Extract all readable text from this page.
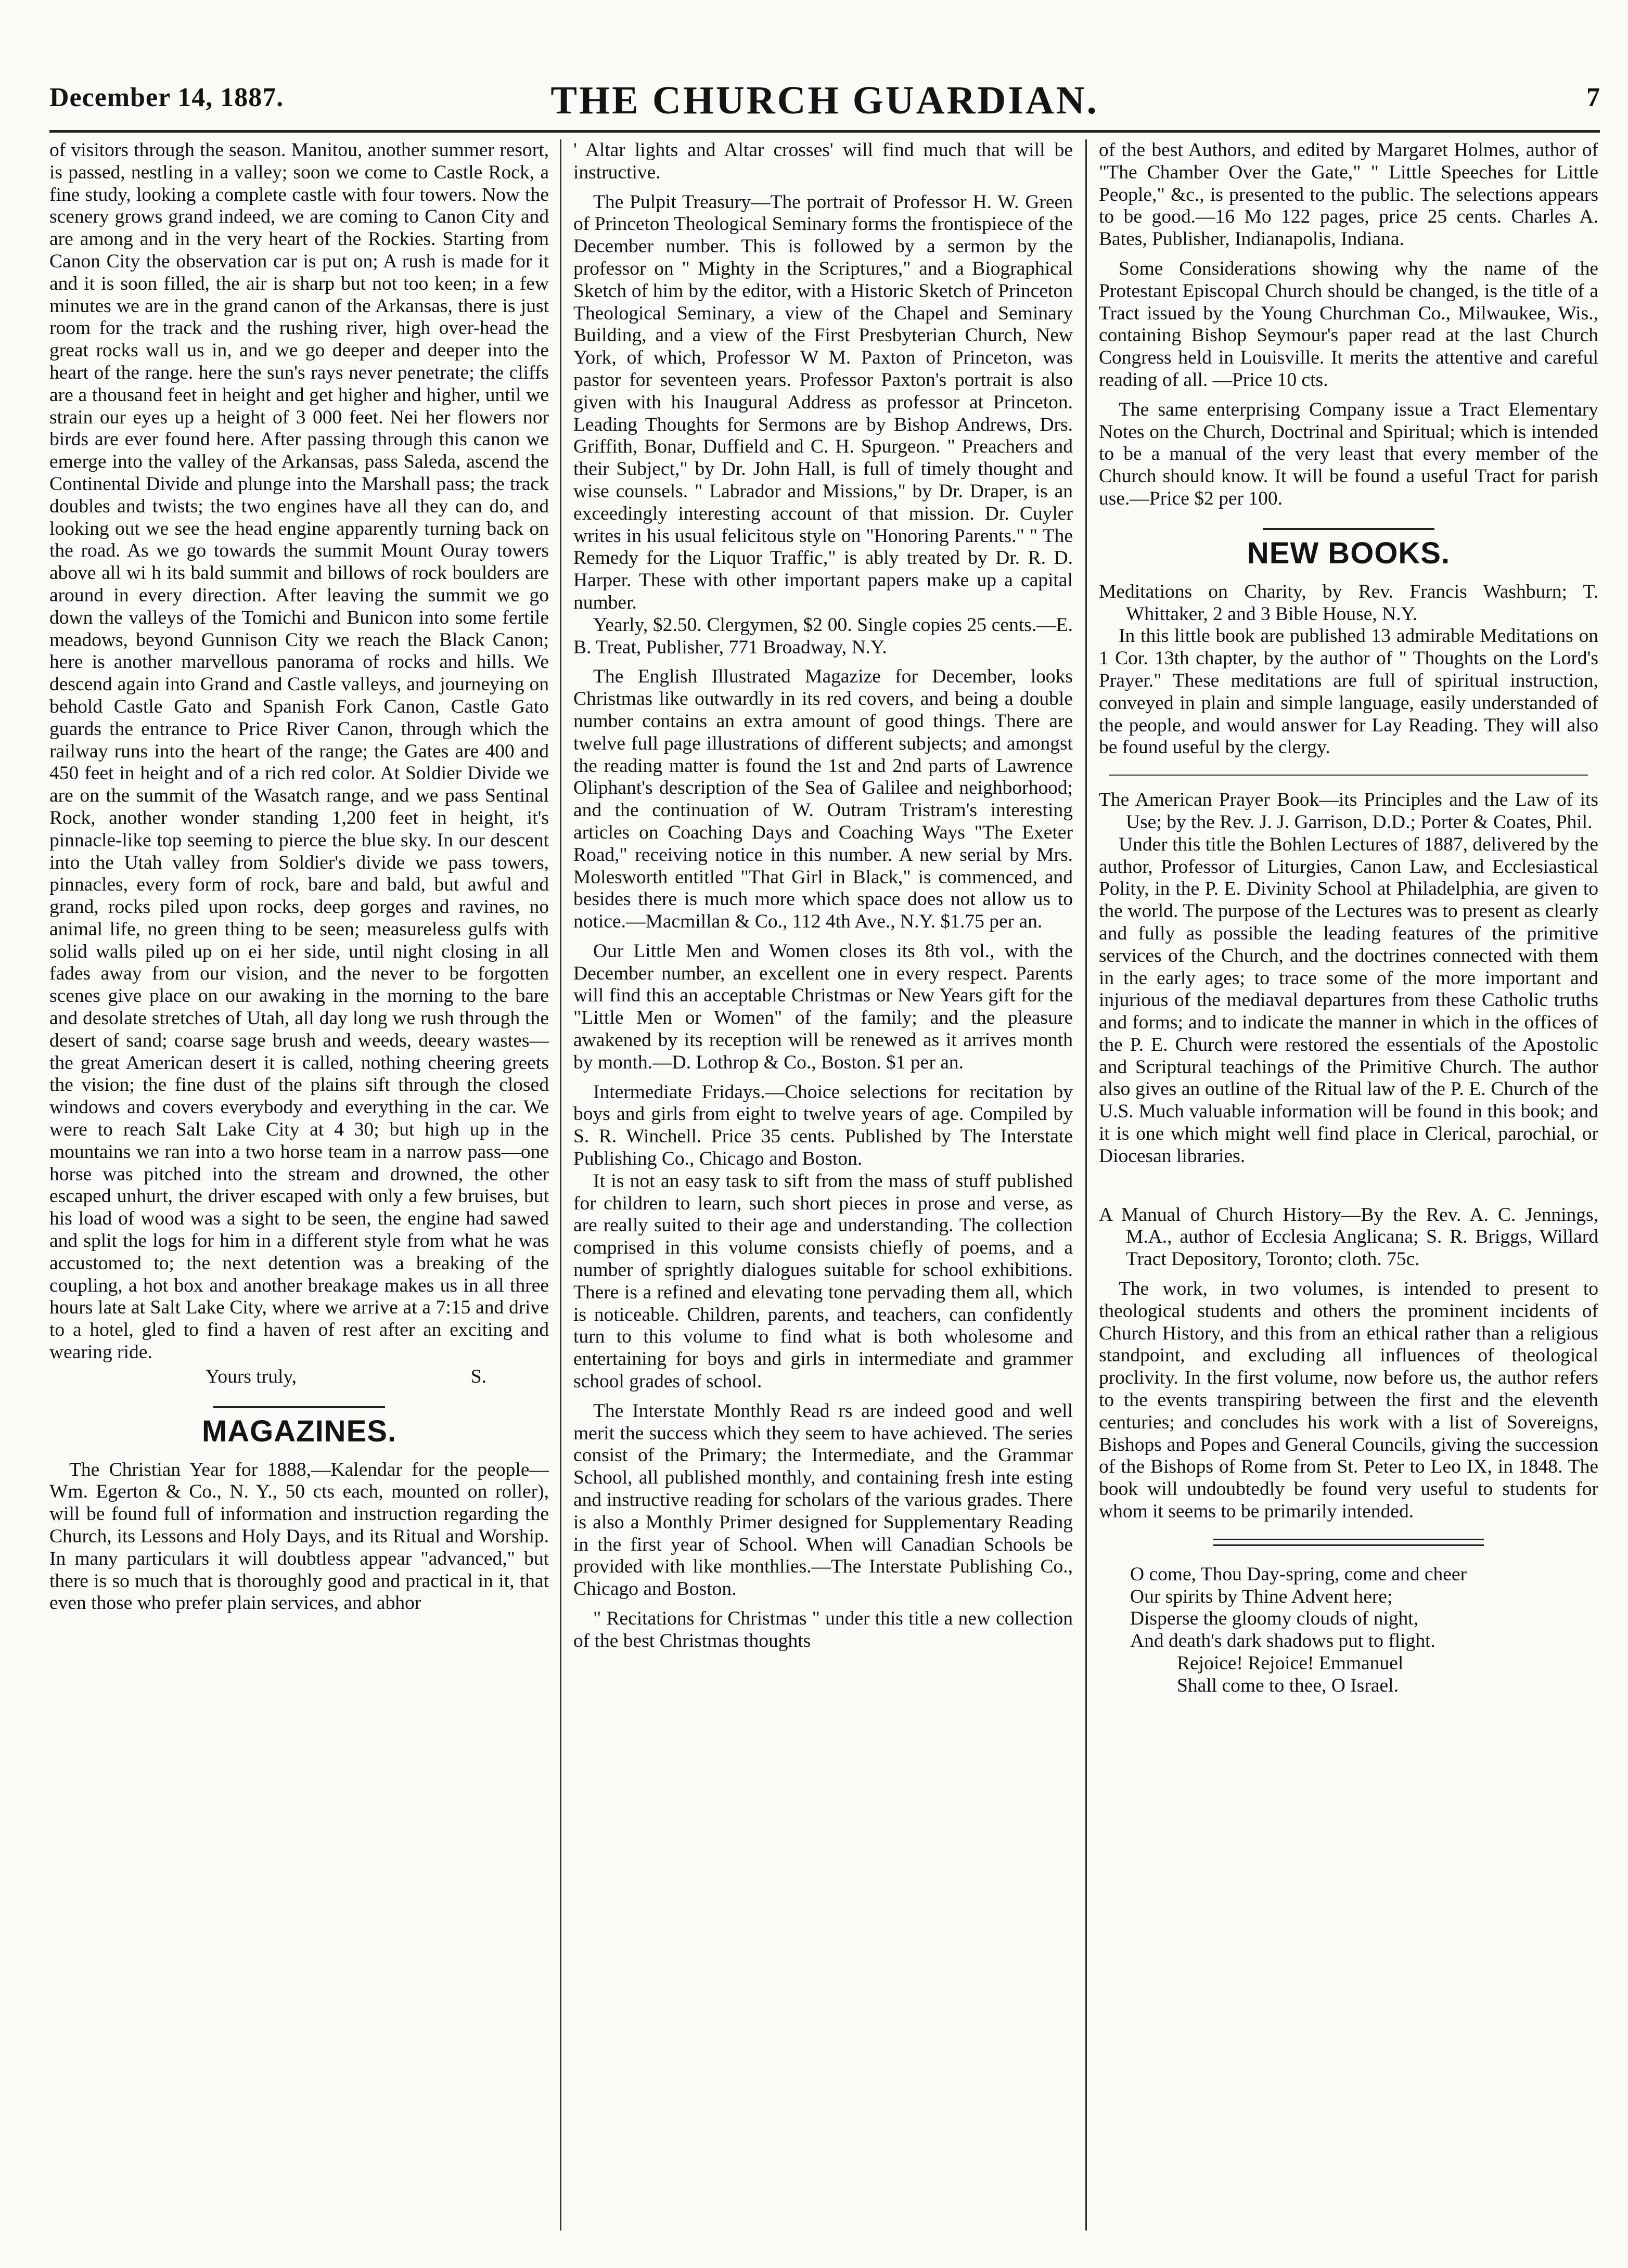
December 14, 1887.	THE CHURCH GUARDIAN.	7

of visitors through the season. Manitou, another summer resort, is passed, nestling in a valley; soon we come to Castle Rock, a fine study, looking a complete castle with four towers. Now the scenery grows grand indeed, we are coming to Canon City and are among and in the very heart of the Rockies. Starting from Canon City the observation car is put on; A rush is made for it and it is soon filled, the air is sharp but not too keen; in a few minutes we are in the grand canon of the Arkansas, there is just room for the track and the rushing river, high over-head the great rocks wall us in, and we go deeper and deeper into the heart of the range. here the sun's rays never penetrate; the cliffs are a thousand feet in height and get higher and higher, until we strain our eyes up a height of 3 000 feet. Nei her flowers nor birds are ever found here. After passing through this canon we emerge into the valley of the Arkansas, pass Saleda, ascend the Continental Divide and plunge into the Marshall pass; the track doubles and twists; the two engines have all they can do, and looking out we see the head engine apparently turning back on the road. As we go towards the summit Mount Ouray towers above all wi h its bald summit and billows of rock boulders are around in every direction. After leaving the summit we go down the valleys of the Tomichi and Bunicon into some fertile meadows, beyond Gunnison City we reach the Black Canon; here is another marvellous panorama of rocks and hills. We descend again into Grand and Castle valleys, and journeying on behold Castle Gato and Spanish Fork Canon, Castle Gato guards the entrance to Price River Canon, through which the railway runs into the heart of the range; the Gates are 400 and 450 feet in height and of a rich red color. At Soldier Divide we are on the summit of the Wasatch range, and we pass Sentinal Rock, another wonder standing 1,200 feet in height, it's pinnacle-like top seeming to pierce the blue sky. In our descent into the Utah valley from Soldier's divide we pass towers, pinnacles, every form of rock, bare and bald, but awful and grand, rocks piled upon rocks, deep gorges and ravines, no animal life, no green thing to be seen; measureless gulfs with solid walls piled up on ei her side, until night closing in all fades away from our vision, and the never to be forgotten scenes give place on our awaking in the morning to the bare and desolate stretches of Utah, all day long we rush through the desert of sand; coarse sage brush and weeds, deeary wastes—the great American desert it is called, nothing cheering greets the vision; the fine dust of the plains sift through the closed windows and covers everybody and everything in the car. We were to reach Salt Lake City at 4 30; but high up in the mountains we ran into a two horse team in a narrow pass—one horse was pitched into the stream and drowned, the other escaped unhurt, the driver escaped with only a few bruises, but his load of wood was a sight to be seen, the engine had sawed and split the logs for him in a different style from what he was accustomed to; the next detention was a breaking of the coupling, a hot box and another breakage makes us in all three hours late at Salt Lake City, where we arrive at a 7:15 and drive to a hotel, gled to find a haven of rest after an exciting and wearing ride.

Yours truly,	S.
MAGAZINES.

The Christian Year for 1888,—Kalendar for the people— Wm. Egerton & Co., N. Y., 50 cts each, mounted on roller), will be found full of information and instruction regarding the Church, its Lessons and Holy Days, and its Ritual and Worship. In many particulars it will doubtless appear "advanced," but there is so much that is thoroughly good and practical in it, that even those who prefer plain services, and abhor

' Altar lights and Altar crosses' will find much that will be instructive.

The Pulpit Treasury—The portrait of Professor H. W. Green of Princeton Theological Seminary forms the frontispiece of the December number. This is followed by a sermon by the professor on " Mighty in the Scriptures," and a Biographical Sketch of him by the editor, with a Historic Sketch of Princeton Theological Seminary, a view of the Chapel and Seminary Building, and a view of the First Presbyterian Church, New York, of which, Professor W M. Paxton of Princeton, was pastor for seventeen years. Professor Paxton's portrait is also given with his Inaugural Address as professor at Princeton. Leading Thoughts for Sermons are by Bishop Andrews, Drs. Griffith, Bonar, Duffield and C. H. Spurgeon. " Preachers and their Subject," by Dr. John Hall, is full of timely thought and wise counsels. " Labrador and Missions," by Dr. Draper, is an exceedingly interesting account of that mission. Dr. Cuyler writes in his usual felicitous style on "Honoring Parents." " The Remedy for the Liquor Traffic," is ably treated by Dr. R. D. Harper. These with other important papers make up a capital number.

Yearly, $2.50. Clergymen, $2 00. Single copies 25 cents.—E. B. Treat, Publisher, 771 Broadway, N.Y.

The English Illustrated Magazize for December, looks Christmas like outwardly in its red covers, and being a double number contains an extra amount of good things. There are twelve full page illustrations of different subjects; and amongst the reading matter is found the 1st and 2nd parts of Lawrence Oliphant's description of the Sea of Galilee and neighborhood; and the continuation of W. Outram Tristram's interesting articles on Coaching Days and Coaching Ways "The Exeter Road," receiving notice in this number. A new serial by Mrs. Molesworth entitled "That Girl in Black," is commenced, and besides there is much more which space does not allow us to notice.—Macmillan & Co., 112 4th Ave., N.Y. $1.75 per an.

Our Little Men and Women closes its 8th vol., with the December number, an excellent one in every respect. Parents will find this an acceptable Christmas or New Years gift for the "Little Men or Women" of the family; and the pleasure awakened by its reception will be renewed as it arrives month by month.—D. Lothrop & Co., Boston. $1 per an.

Intermediate Fridays.—Choice selections for recitation by boys and girls from eight to twelve years of age. Compiled by S. R. Winchell. Price 35 cents. Published by The Interstate Publishing Co., Chicago and Boston.

It is not an easy task to sift from the mass of stuff published for children to learn, such short pieces in prose and verse, as are really suited to their age and understanding. The collection comprised in this volume consists chiefly of poems, and a number of sprightly dialogues suitable for school exhibitions. There is a refined and elevating tone pervading them all, which is noticeable. Children, parents, and teachers, can confidently turn to this volume to find what is both wholesome and entertaining for boys and girls in intermediate and grammer school grades of school.

The Interstate Monthly Read rs are indeed good and well merit the success which they seem to have achieved. The series consist of the Primary; the Intermediate, and the Grammar School, all published monthly, and containing fresh inte esting and instructive reading for scholars of the various grades. There is also a Monthly Primer designed for Supplementary Reading in the first year of School. When will Canadian Schools be provided with like monthlies.—The Interstate Publishing Co., Chicago and Boston.

" Recitations for Christmas " under this title a new collection of the best Christmas thoughts

of the best Authors, and edited by Margaret Holmes, author of "The Chamber Over the Gate," " Little Speeches for Little People," &c., is presented to the public. The selections appears to be good.—16 Mo 122 pages, price 25 cents. Charles A. Bates, Publisher, Indianapolis, Indiana.

Some Considerations showing why the name of the Protestant Episcopal Church should be changed, is the title of a Tract issued by the Young Churchman Co., Milwaukee, Wis., containing Bishop Seymour's paper read at the last Church Congress held in Louisville. It merits the attentive and careful reading of all. —Price 10 cts.

The same enterprising Company issue a Tract Elementary Notes on the Church, Doctrinal and Spiritual; which is intended to be a manual of the very least that every member of the Church should know. It will be found a useful Tract for parish use.—Price $2 per 100.

NEW BOOKS.

Meditations on Charity, by Rev. Francis Washburn; T. Whittaker, 2 and 3 Bible House, N.Y.

In this little book are published 13 admirable Meditations on 1 Cor. 13th chapter, by the author of " Thoughts on the Lord's Prayer." These meditations are full of spiritual instruction, conveyed in plain and simple language, easily understanded of the people, and would answer for Lay Reading. They will also be found useful by the clergy.

The American Prayer Book—its Principles and the Law of its Use; by the Rev. J. J. Garrison, D.D.; Porter & Coates, Phil.

Under this title the Bohlen Lectures of 1887, delivered by the author, Professor of Liturgies, Canon Law, and Ecclesiastical Polity, in the P. E. Divinity School at Philadelphia, are given to the world. The purpose of the Lectures was to present as clearly and fully as possible the leading features of the primitive services of the Church, and the doctrines connected with them in the early ages; to trace some of the more important and injurious of the mediaval departures from these Catholic truths and forms; and to indicate the manner in which in the offices of the P. E. Church were restored the essentials of the Apostolic and Scriptural teachings of the Primitive Church. The author also gives an outline of the Ritual law of the P. E. Church of the U.S. Much valuable information will be found in this book; and it is one which might well find place in Clerical, parochial, or Diocesan libraries.

A Manual of Church History—By the Rev. A. C. Jennings, M.A., author of Ecclesia Anglicana; S. R. Briggs, Willard Tract Depository, Toronto; cloth. 75c.

The work, in two volumes, is intended to present to theological students and others the prominent incidents of Church History, and this from an ethical rather than a religious standpoint, and excluding all influences of theological proclivity. In the first volume, now before us, the author refers to the events transpiring between the first and the eleventh centuries; and concludes his work with a list of Sovereigns, Bishops and Popes and General Councils, giving the succession of the Bishops of Rome from St. Peter to Leo IX, in 1848. The book will undoubtedly be found very useful to students for whom it seems to be primarily intended.

O come, Thou Day-spring, come and cheer
Our spirits by Thine Advent here;
Disperse the gloomy clouds of night,
And death's dark shadows put to flight.
Rejoice! Rejoice! Emmanuel
Shall come to thee, O Israel.
